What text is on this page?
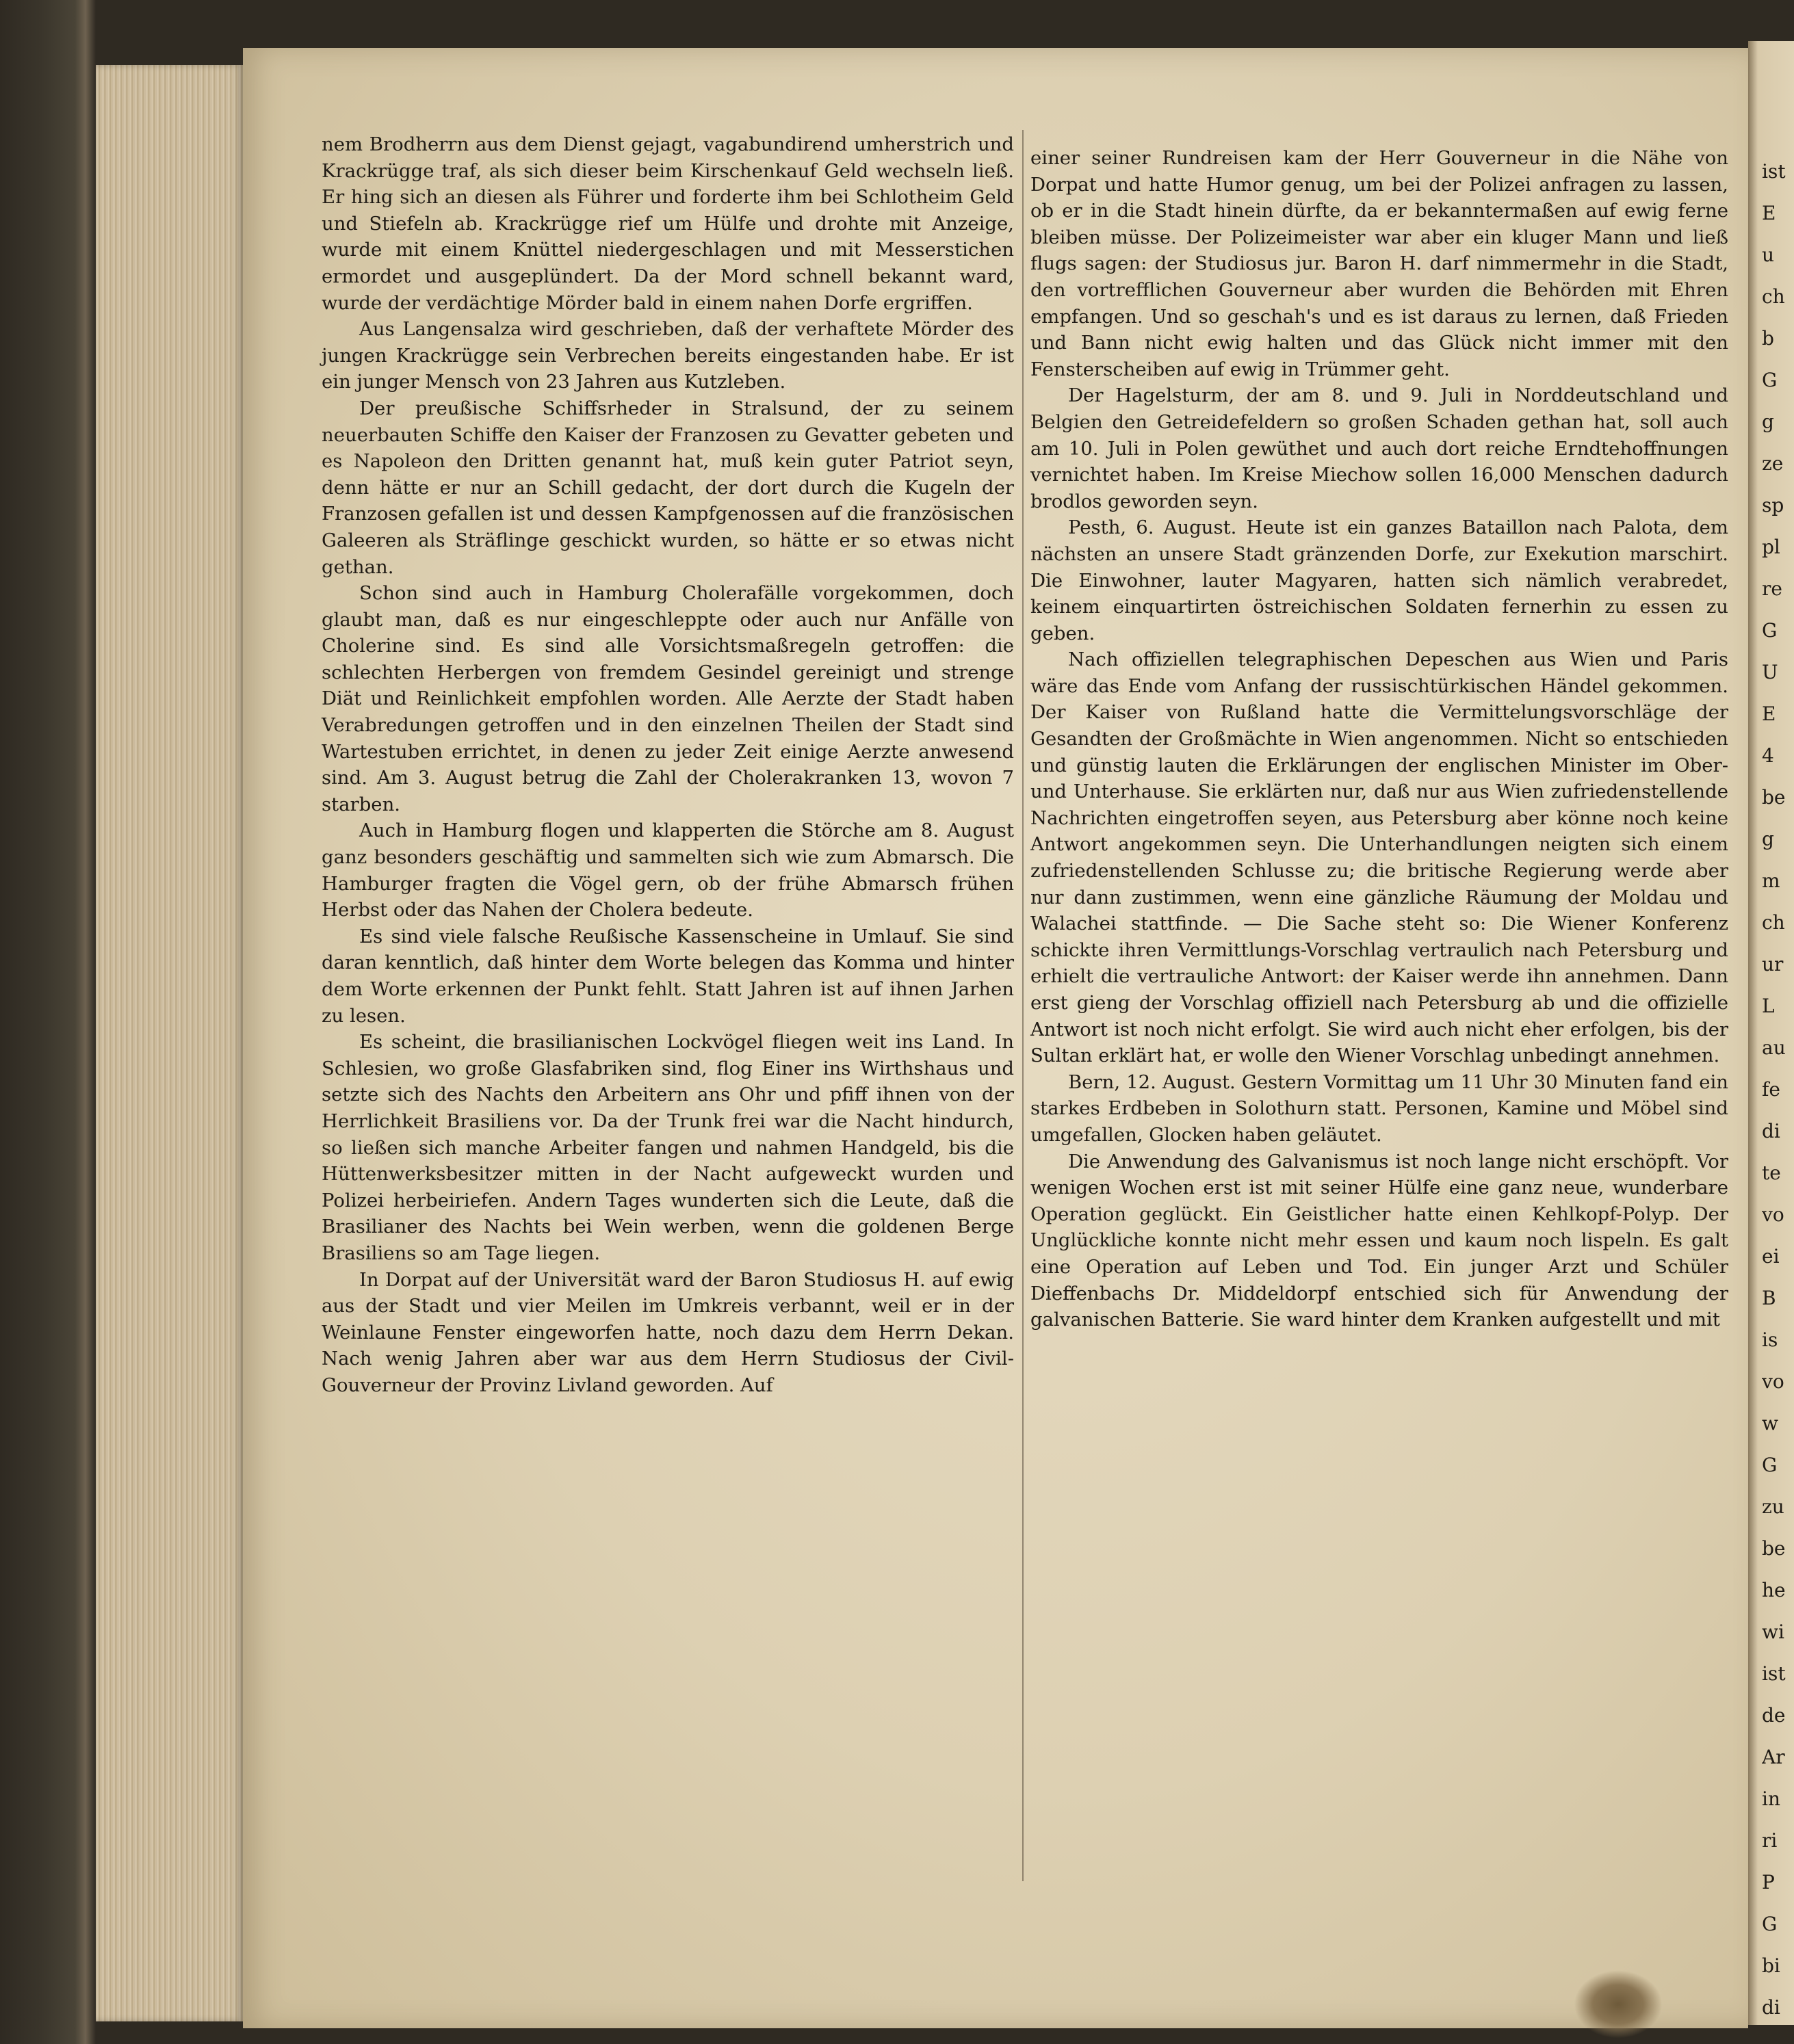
nem Brodherrn aus dem Dienst gejagt, vagabundirend umherstrich und Krackrügge traf, als sich dieser beim Kirschenkauf Geld wechseln ließ. Er hing sich an diesen als Führer und forderte ihm bei Schlotheim Geld und Stiefeln ab. Krackrügge rief um Hülfe und drohte mit Anzeige, wurde mit einem Knüttel niedergeschlagen und mit Messerstichen ermordet und ausgeplündert. Da der Mord schnell bekannt ward, wurde der verdächtige Mörder bald in einem nahen Dorfe ergriffen.

Aus Langensalza wird geschrieben, daß der verhaftete Mörder des jungen Krackrügge sein Verbrechen bereits eingestanden habe. Er ist ein junger Mensch von 23 Jahren aus Kutzleben.

Der preußische Schiffsrheder in Stralsund, der zu seinem neuerbauten Schiffe den Kaiser der Franzosen zu Gevatter gebeten und es Napoleon den Dritten genannt hat, muß kein guter Patriot seyn, denn hätte er nur an Schill gedacht, der dort durch die Kugeln der Franzosen gefallen ist und dessen Kampfgenossen auf die französischen Galeeren als Sträflinge geschickt wurden, so hätte er so etwas nicht gethan.

Schon sind auch in Hamburg Cholerafälle vorgekommen, doch glaubt man, daß es nur eingeschleppte oder auch nur Anfälle von Cholerine sind. Es sind alle Vorsichtsmaßregeln getroffen: die schlechten Herbergen von fremdem Gesindel gereinigt und strenge Diät und Reinlichkeit empfohlen worden. Alle Aerzte der Stadt haben Verabredungen getroffen und in den einzelnen Theilen der Stadt sind Wartestuben errichtet, in denen zu jeder Zeit einige Aerzte anwesend sind. Am 3. August betrug die Zahl der Cholerakranken 13, wovon 7 starben.

Auch in Hamburg flogen und klapperten die Störche am 8. August ganz besonders geschäftig und sammelten sich wie zum Abmarsch. Die Hamburger fragten die Vögel gern, ob der frühe Abmarsch frühen Herbst oder das Nahen der Cholera bedeute.

Es sind viele falsche Reußische Kassenscheine in Umlauf. Sie sind daran kenntlich, daß hinter dem Worte belegen das Komma und hinter dem Worte erkennen der Punkt fehlt. Statt Jahren ist auf ihnen Jarhen zu lesen.

Es scheint, die brasilianischen Lockvögel fliegen weit ins Land. In Schlesien, wo große Glasfabriken sind, flog Einer ins Wirthshaus und setzte sich des Nachts den Arbeitern ans Ohr und pfiff ihnen von der Herrlichkeit Brasiliens vor. Da der Trunk frei war die Nacht hindurch, so ließen sich manche Arbeiter fangen und nahmen Handgeld, bis die Hüttenwerksbesitzer mitten in der Nacht aufgeweckt wurden und Polizei herbeiriefen. Andern Tages wunderten sich die Leute, daß die Brasilianer des Nachts bei Wein werben, wenn die goldenen Berge Brasiliens so am Tage liegen.

In Dorpat auf der Universität ward der Baron Studiosus H. auf ewig aus der Stadt und vier Meilen im Umkreis verbannt, weil er in der Weinlaune Fenster eingeworfen hatte, noch dazu dem Herrn Dekan. Nach wenig Jahren aber war aus dem Herrn Studiosus der Civil-Gouverneur der Provinz Livland geworden. Auf

einer seiner Rundreisen kam der Herr Gouverneur in die Nähe von Dorpat und hatte Humor genug, um bei der Polizei anfragen zu lassen, ob er in die Stadt hinein dürfte, da er bekanntermaßen auf ewig ferne bleiben müsse. Der Polizeimeister war aber ein kluger Mann und ließ flugs sagen: der Studiosus jur. Baron H. darf nimmermehr in die Stadt, den vortrefflichen Gouverneur aber wurden die Behörden mit Ehren empfangen. Und so geschah's und es ist daraus zu lernen, daß Frieden und Bann nicht ewig halten und das Glück nicht immer mit den Fensterscheiben auf ewig in Trümmer geht.

Der Hagelsturm, der am 8. und 9. Juli in Norddeutschland und Belgien den Getreidefeldern so großen Schaden gethan hat, soll auch am 10. Juli in Polen gewüthet und auch dort reiche Erndtehoffnungen vernichtet haben. Im Kreise Miechow sollen 16,000 Menschen dadurch brodlos geworden seyn.

Pesth, 6. August. Heute ist ein ganzes Bataillon nach Palota, dem nächsten an unsere Stadt gränzenden Dorfe, zur Exekution marschirt. Die Einwohner, lauter Magyaren, hatten sich nämlich verabredet, keinem einquartirten östreichischen Soldaten fernerhin zu essen zu geben.

Nach offiziellen telegraphischen Depeschen aus Wien und Paris wäre das Ende vom Anfang der russischtürkischen Händel gekommen. Der Kaiser von Rußland hatte die Vermittelungsvorschläge der Gesandten der Großmächte in Wien angenommen. Nicht so entschieden und günstig lauten die Erklärungen der englischen Minister im Ober- und Unterhause. Sie erklärten nur, daß nur aus Wien zufriedenstellende Nachrichten eingetroffen seyen, aus Petersburg aber könne noch keine Antwort angekommen seyn. Die Unterhandlungen neigten sich einem zufriedenstellenden Schlusse zu; die britische Regierung werde aber nur dann zustimmen, wenn eine gänzliche Räumung der Moldau und Walachei stattfinde. — Die Sache steht so: Die Wiener Konferenz schickte ihren Vermittlungs-Vorschlag vertraulich nach Petersburg und erhielt die vertrauliche Antwort: der Kaiser werde ihn annehmen. Dann erst gieng der Vorschlag offiziell nach Petersburg ab und die offizielle Antwort ist noch nicht erfolgt. Sie wird auch nicht eher erfolgen, bis der Sultan erklärt hat, er wolle den Wiener Vorschlag unbedingt annehmen.

Bern, 12. August. Gestern Vormittag um 11 Uhr 30 Minuten fand ein starkes Erdbeben in Solothurn statt. Personen, Kamine und Möbel sind umgefallen, Glocken haben geläutet.

Die Anwendung des Galvanismus ist noch lange nicht erschöpft. Vor wenigen Wochen erst ist mit seiner Hülfe eine ganz neue, wunderbare Operation geglückt. Ein Geistlicher hatte einen Kehlkopf-Polyp. Der Unglückliche konnte nicht mehr essen und kaum noch lispeln. Es galt eine Operation auf Leben und Tod. Ein junger Arzt und Schüler Dieffenbachs Dr. Middeldorpf entschied sich für Anwendung der galvanischen Batterie. Sie ward hinter dem Kranken aufgestellt und mit

ist
E
u
ch
b
G
g
ze
sp
pl
re
G
U
E
4
be
g
m
ch
ur
L
au
fe
di
te
vo
ei
B
is
vo
w
G
zu
be
he
wi
ist
de
Ar
in
ri
P
G
bi
di
